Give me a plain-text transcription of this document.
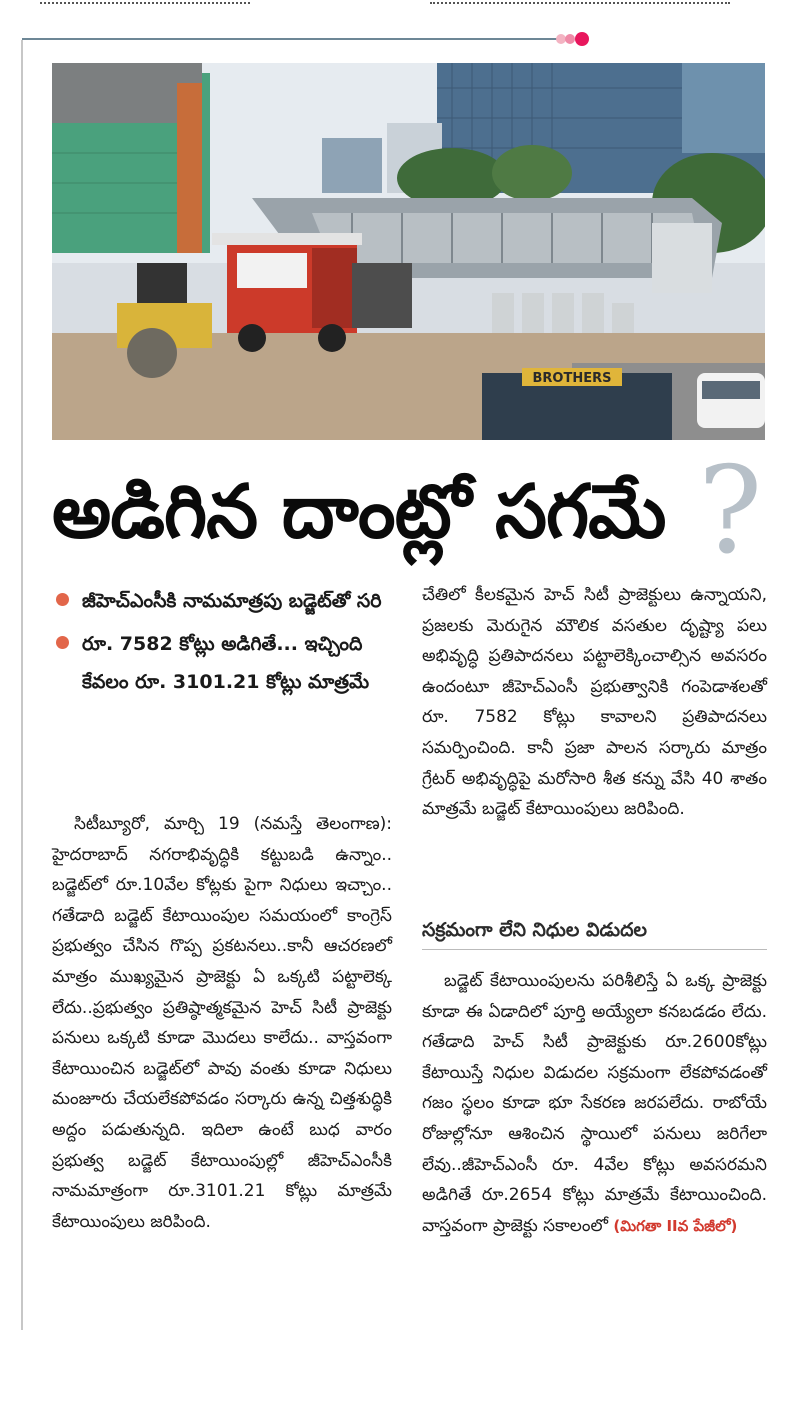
BROTHERS
అడిగిన దాంట్లో సగమే ?
జీహెచ్‌ఎంసీకి నామమాత్రపు బడ్జెట్‌తో సరి
రూ. 7582 కోట్లు అడిగితే... ఇచ్చింది కేవలం రూ. 3101.21 కోట్లు మాత్రమే

సిటీబ్యూరో, మార్చి 19 (నమస్తే తెలంగాణ): హైదరాబాద్ నగరాభివృద్ధికి కట్టుబడి ఉన్నాం.. బడ్జెట్‌లో రూ.10వేల కోట్లకు పైగా నిధులు ఇచ్చాం.. గతేడాది బడ్జెట్ కేటాయింపుల సమయంలో కాంగ్రెస్ ప్రభుత్వం చేసిన గొప్ప ప్రకటనలు..కానీ ఆచరణలో మాత్రం ముఖ్యమైన ప్రాజెక్టు ఏ ఒక్కటి పట్టాలెక్క లేదు..ప్రభుత్వం ప్రతిష్ఠాత్మకమైన హెచ్ సిటీ ప్రాజెక్టు పనులు ఒక్కటి కూడా మొదలు కాలేదు.. వాస్తవంగా కేటాయించిన బడ్జెట్‌లో పావు వంతు కూడా నిధులు మంజూరు చేయలేకపోవడం సర్కారు ఉన్న చిత్తశుద్ధికి అద్దం పడుతున్నది. ఇదిలా ఉంటే బుధ వారం ప్రభుత్వ బడ్జెట్ కేటాయింపుల్లో జీహెచ్‌ఎంసీకి నామమాత్రంగా రూ.3101.21 కోట్లు మాత్రమే కేటాయింపులు జరిపింది.

చేతిలో కీలకమైన హెచ్ సిటీ ప్రాజెక్టులు ఉన్నాయని, ప్రజలకు మెరుగైన మౌలిక వసతుల దృష్ట్యా పలు అభివృద్ధి ప్రతిపాదనలు పట్టాలెక్కించాల్సిన అవసరం ఉందంటూ జీహెచ్‌ఎంసీ ప్రభుత్వానికి గంపెడాశలతో రూ. 7582 కోట్లు కావాలని ప్రతిపాదనలు సమర్పించింది. కానీ ప్రజా పాలన సర్కారు మాత్రం గ్రేటర్ అభివృద్ధిపై మరోసారి శీత కన్ను వేసి 40 శాతం మాత్రమే బడ్జెట్ కేటాయింపులు జరిపింది.

సక్రమంగా లేని నిధుల విడుదల

బడ్జెట్ కేటాయింపులను పరిశీలిస్తే ఏ ఒక్క ప్రాజెక్టు కూడా ఈ ఏడాదిలో పూర్తి అయ్యేలా కనబడడం లేదు. గతేడాది హెచ్ సిటీ ప్రాజెక్టుకు రూ.2600కోట్లు కేటాయిస్తే నిధుల విడుదల సక్రమంగా లేకపోవడంతో గజం స్థలం కూడా భూ సేకరణ జరపలేదు. రాబోయే రోజుల్లోనూ ఆశించిన స్థాయిలో పనులు జరిగేలా లేవు..జీహెచ్‌ఎంసీ రూ. 4వేల కోట్లు అవసరమని అడిగితే రూ.2654 కోట్లు మాత్రమే కేటాయించింది. వాస్తవంగా ప్రాజెక్టు సకాలంలో (మిగతా IIవ పేజీలో)
